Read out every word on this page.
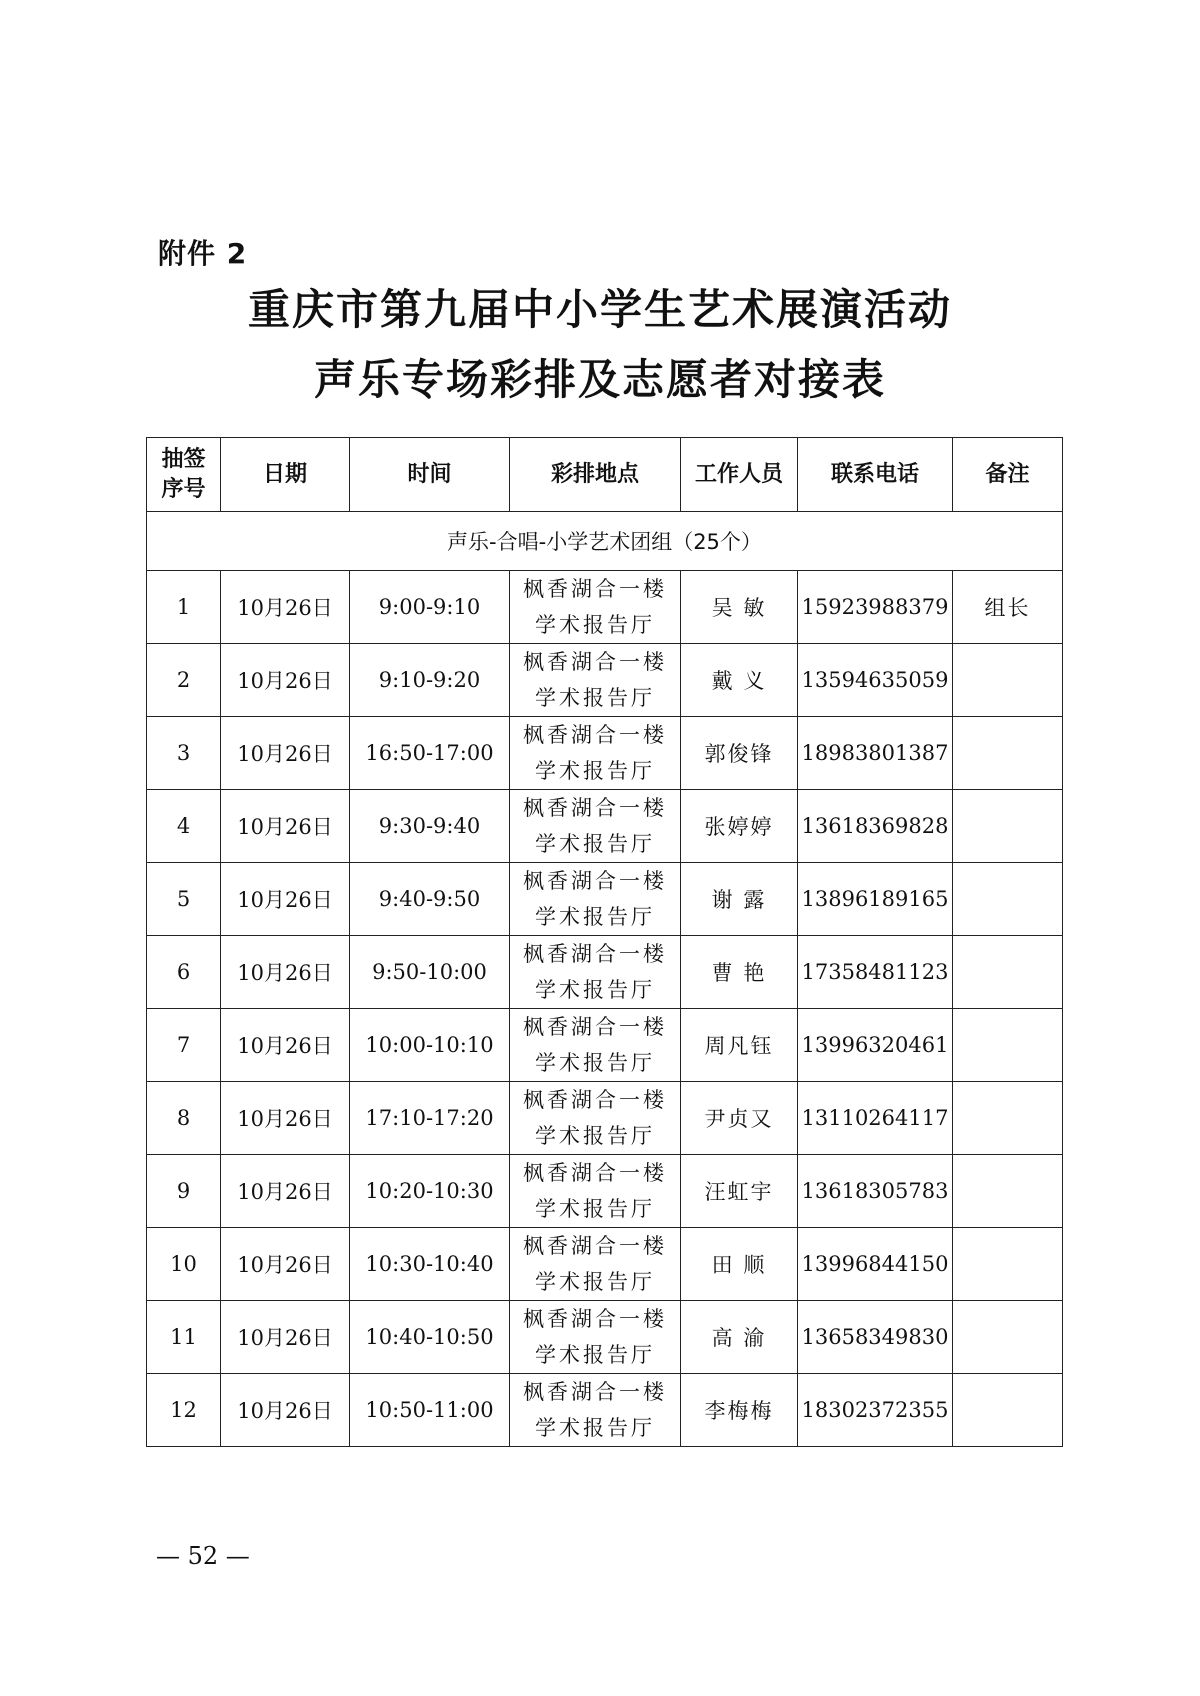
附件 2
重庆市第九届中小学生艺术展演活动
声乐专场彩排及志愿者对接表
抽签
序号	日期	时间	彩排地点	工作人员	联系电话	备注
声乐-合唱-小学艺术团组（25个）						
1	10月26日	9:00-9:10	枫香湖合一楼
学术报告厅	吴 敏	15923988379	组长
2	10月26日	9:10-9:20	枫香湖合一楼
学术报告厅	戴 义	13594635059	
3	10月26日	16:50-17:00	枫香湖合一楼
学术报告厅	郭俊锋	18983801387	
4	10月26日	9:30-9:40	枫香湖合一楼
学术报告厅	张婷婷	13618369828	
5	10月26日	9:40-9:50	枫香湖合一楼
学术报告厅	谢 露	13896189165	
6	10月26日	9:50-10:00	枫香湖合一楼
学术报告厅	曹 艳	17358481123	
7	10月26日	10:00-10:10	枫香湖合一楼
学术报告厅	周凡钰	13996320461	
8	10月26日	17:10-17:20	枫香湖合一楼
学术报告厅	尹贞又	13110264117	
9	10月26日	10:20-10:30	枫香湖合一楼
学术报告厅	汪虹宇	13618305783	
10	10月26日	10:30-10:40	枫香湖合一楼
学术报告厅	田 顺	13996844150	
11	10月26日	10:40-10:50	枫香湖合一楼
学术报告厅	高 渝	13658349830	
12	10月26日	10:50-11:00	枫香湖合一楼
学术报告厅	李梅梅	18302372355	
— 52 —
